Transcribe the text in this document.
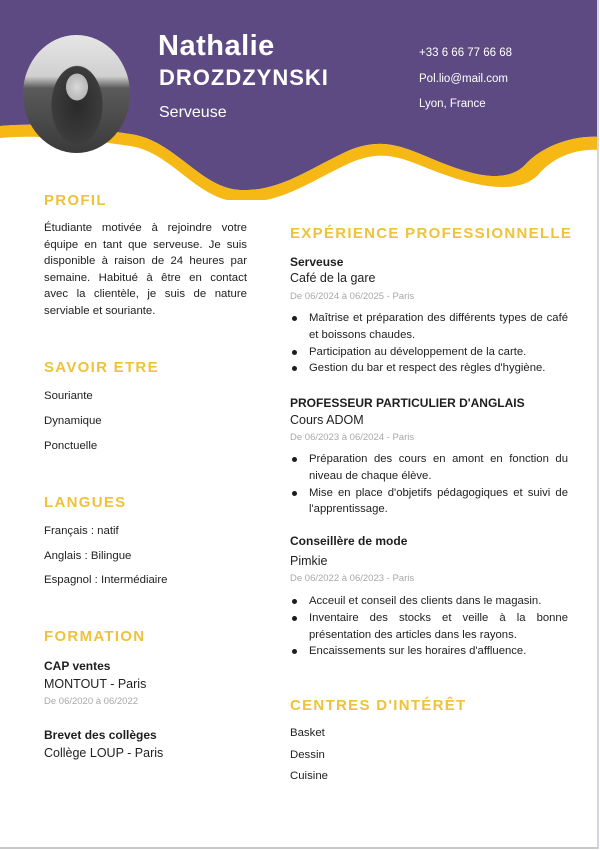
Nathalie
DROZDZYNSKI
Serveuse
+33 6 66 77 66 68
Pol.lio@mail.com
Lyon, France
PROFIL
Étudiante motivée à rejoindre votre équipe en tant que serveuse. Je suis disponible à raison de 24 heures par semaine. Habitué à être en contact avec la clientèle, je suis de nature serviable et souriante.
SAVOIR ETRE
Souriante
Dynamique
Ponctuelle
LANGUES
Français : natif
Anglais : Bilingue
Espagnol : Intermédiaire
FORMATION
CAP ventes
MONTOUT - Paris
De 06/2020 à 06/2022
Brevet des collèges
Collège LOUP - Paris
EXPÉRIENCE PROFESSIONNELLE
Serveuse
Café de la gare
De 06/2024 à 06/2025 - Paris
Maîtrise et préparation des différents types de café et boissons chaudes.
Participation au développement de la carte.
Gestion du bar et respect des règles d'hygiène.
PROFESSEUR PARTICULIER D'ANGLAIS
Cours ADOM
De 06/2023 à 06/2024 - Paris
Préparation des cours en amont en fonction du niveau de chaque élève.
Mise en place d'objetifs pédagogiques et suivi de l'apprentissage.
Conseillère de mode
Pimkie
De 06/2022 à 06/2023 - Paris
Acceuil et conseil des clients dans le magasin.
Inventaire des stocks et veille à la bonne présentation des articles dans les rayons.
Encaissements sur les horaires d'affluence.
CENTRES D'INTÉRÊT
Basket
Dessin
Cuisine
